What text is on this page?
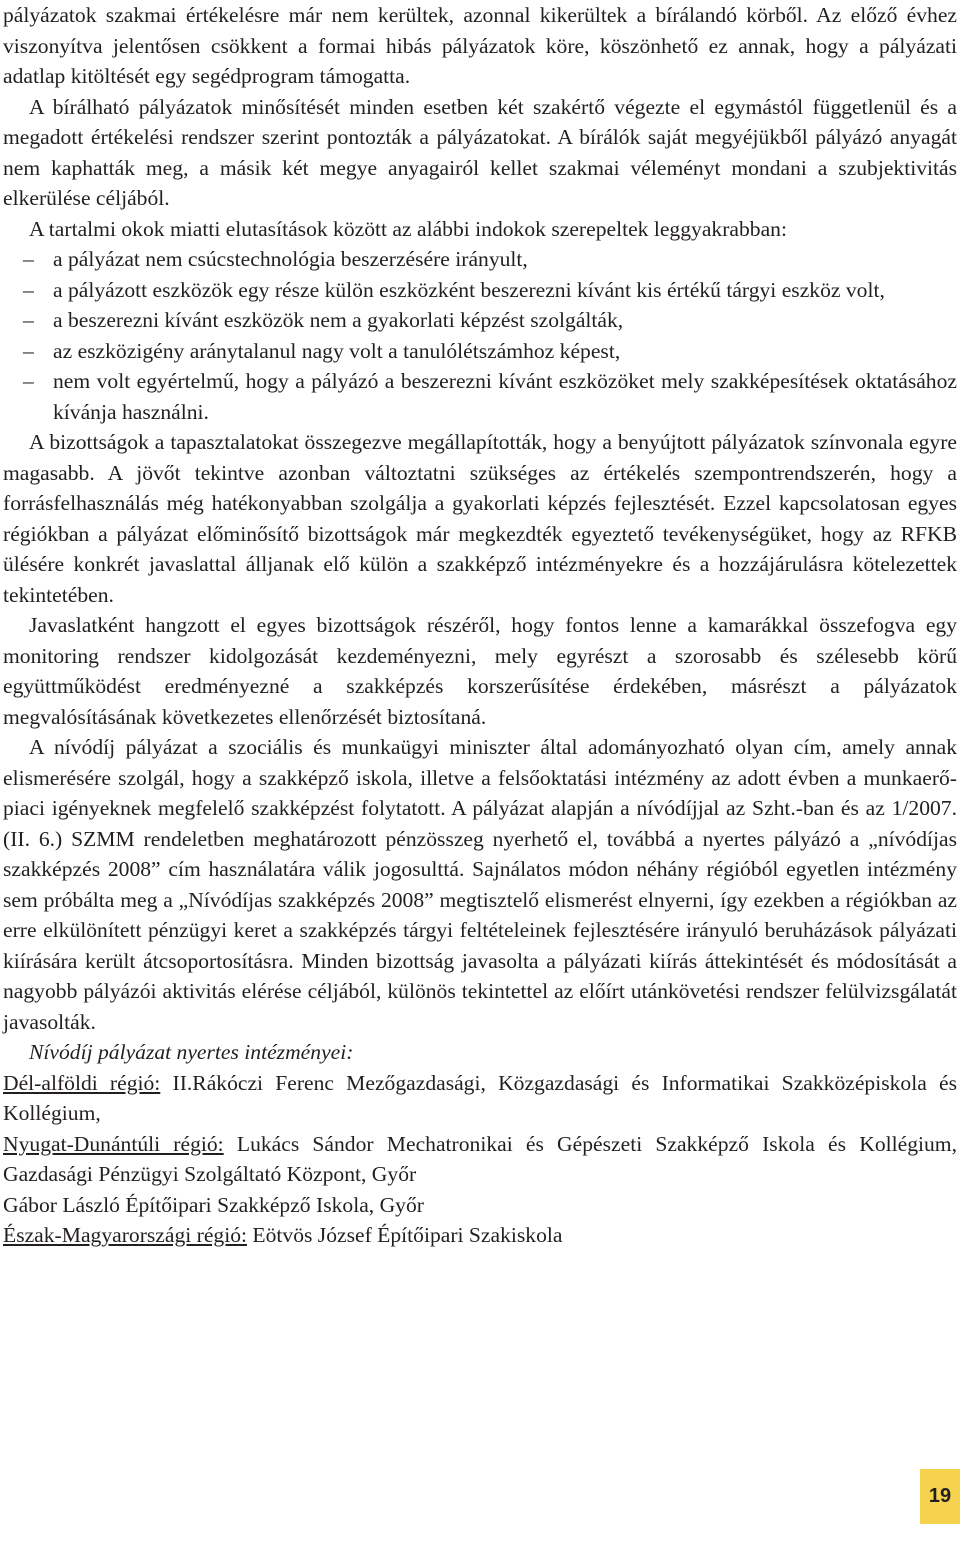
pályázatok szakmai értékelésre már nem kerültek, azonnal kikerültek a bírálandó körből. Az előző évhez viszonyítva jelentősen csökkent a formai hibás pályázatok köre, köszönhető ez annak, hogy a pályázati adatlap kitöltését egy segédprogram támogatta.

A bírálható pályázatok minősítését minden esetben két szakértő végezte el egymástól függetlenül és a megadott értékelési rendszer szerint pontozták a pályázatokat. A bírálók saját megyéjükből pályázó anyagát nem kaphatták meg, a másik két megye anyagairól kellet szakmai véleményt mondani a szubjektivitás elkerülése céljából.

A tartalmi okok miatti elutasítások között az alábbi indokok szerepeltek leggyakrabban:

– a pályázat nem csúcstechnológia beszerzésére irányult,
– a pályázott eszközök egy része külön eszközként beszerezni kívánt kis értékű tárgyi eszköz volt,
– a beszerezni kívánt eszközök nem a gyakorlati képzést szolgálták,
– az eszközigény aránytalanul nagy volt a tanulólétszámhoz képest,
– nem volt egyértelmű, hogy a pályázó a beszerezni kívánt eszközöket mely szakképesítések oktatásához kívánja használni.

A bizottságok a tapasztalatokat összegezve megállapították, hogy a benyújtott pályázatok színvonala egyre magasabb. A jövőt tekintve azonban változtatni szükséges az értékelés szempontrendszerén, hogy a forrásfelhasználás még hatékonyabban szolgálja a gyakorlati képzés fejlesztését. Ezzel kapcsolatosan egyes régiókban a pályázat előminősítő bizottságok már megkezdték egyeztető tevékenységüket, hogy az RFKB ülésére konkrét javaslattal álljanak elő külön a szakképző intézményekre és a hozzájárulásra kötelezettek tekintetében.

Javaslatként hangzott el egyes bizottságok részéről, hogy fontos lenne a kamarákkal összefogva egy monitoring rendszer kidolgozását kezdeményezni, mely egyrészt a szorosabb és szélesebb körű együttműködést eredményezné a szakképzés korszerűsítése érdekében, másrészt a pályázatok megvalósításának következetes ellenőrzését biztosítaná.

A nívódíj pályázat a szociális és munkaügyi miniszter által adományozható olyan cím, amely annak elismerésére szolgál, hogy a szakképző iskola, illetve a felsőoktatási intézmény az adott évben a munkaerő-piaci igényeknek megfelelő szakképzést folytatott. A pályázat alapján a nívódíjjal az Szht.-ban és az 1/2007.(II. 6.) SZMM rendeletben meghatározott pénzösszeg nyerhető el, továbbá a nyertes pályázó a „nívódíjas szakképzés 2008” cím használatára válik jogosulttá. Sajnálatos módon néhány régióból egyetlen intézmény sem próbálta meg a „Nívódíjas szakképzés 2008” megtisztelő elismerést elnyerni, így ezekben a régiókban az erre elkülönített pénzügyi keret a szakképzés tárgyi feltételeinek fejlesztésére irányuló beruházások pályázati kiírására került átcsoportosításra. Minden bizottság javasolta a pályázati kiírás áttekintését és módosítását a nagyobb pályázói aktivitás elérése céljából, különös tekintettel az előírt utánkövetési rendszer felülvizsgálatát javasolták.

Nívódíj pályázat nyertes intézményei:

Dél-alföldi régió: II.Rákóczi Ferenc Mezőgazdasági, Közgazdasági és Informatikai Szakközépiskola és Kollégium,

Nyugat-Dunántúli régió: Lukács Sándor Mechatronikai és Gépészeti Szakképző Iskola és Kollégium, Gazdasági Pénzügyi Szolgáltató Központ, Győr

Gábor László Építőipari Szakképző Iskola, Győr

Észak-Magyarországi régió: Eötvös József Építőipari Szakiskola

19
